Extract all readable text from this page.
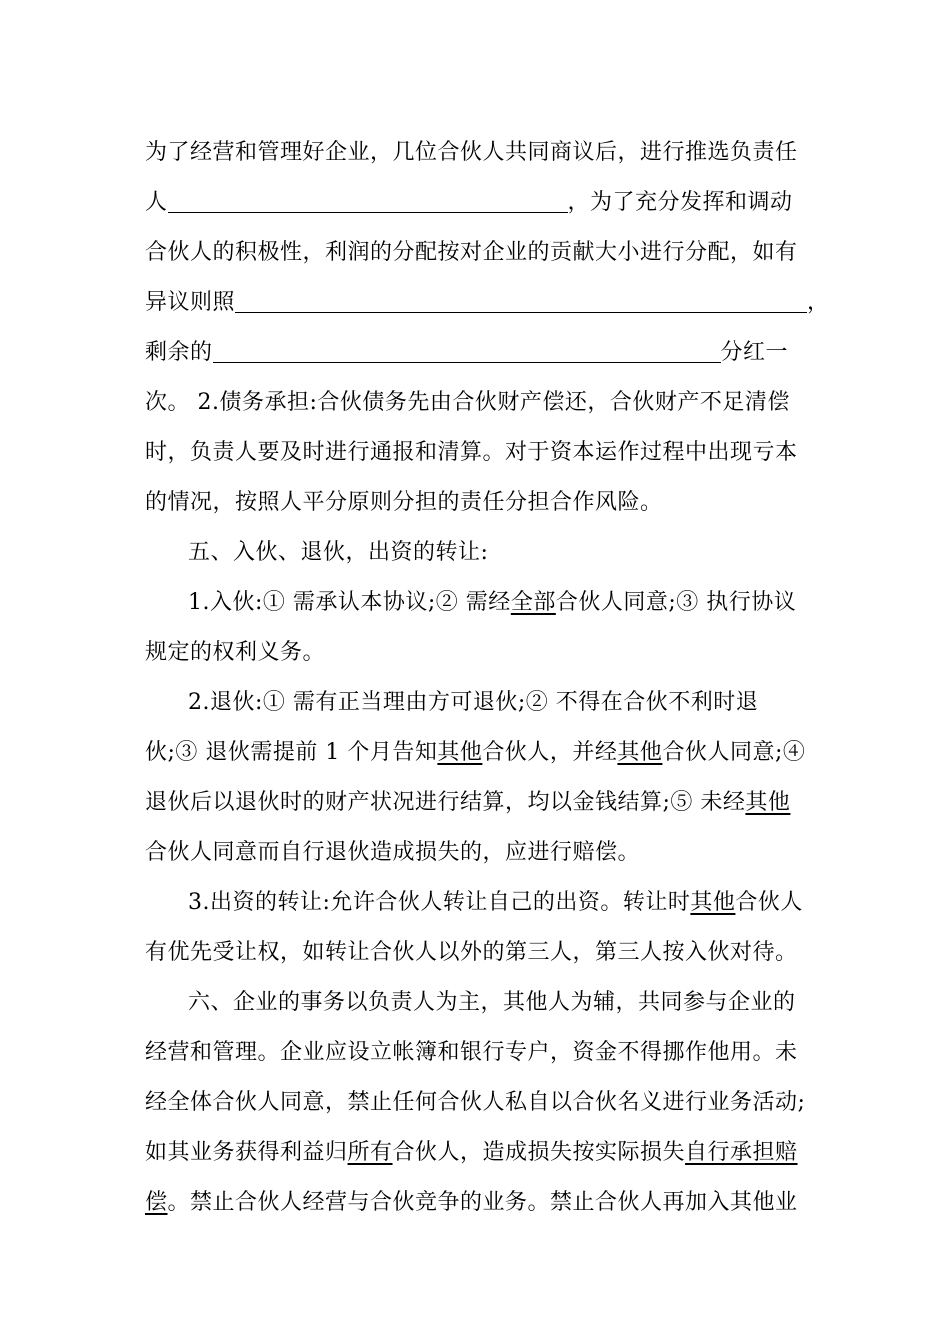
为了经营和管理好企业，几位合伙人共同商议后，进行推选负责任
人	，为了充分发挥和调动
合伙人的积极性，利润的分配按对企业的贡献大小进行分配，如有
异议则照	，
剩余的	分红一
次。 2.债务承担:合伙债务先由合伙财产偿还，合伙财产不足清偿
时，负责人要及时进行通报和清算。对于资本运作过程中出现亏本
的情况，按照人平分原则分担的责任分担合作风险。
五、入伙、退伙，出资的转让:
1.入伙:① 需承认本协议;② 需经全部合伙人同意;③ 执行协议
规定的权利义务。
2.退伙:① 需有正当理由方可退伙;② 不得在合伙不利时退
伙;③ 退伙需提前 1 个月告知其他合伙人，并经其他合伙人同意;④
退伙后以退伙时的财产状况进行结算，均以金钱结算;⑤ 未经其他
合伙人同意而自行退伙造成损失的，应进行赔偿。
3.出资的转让:允许合伙人转让自己的出资。转让时其他合伙人
有优先受让权，如转让合伙人以外的第三人，第三人按入伙对待。
六、企业的事务以负责人为主，其他人为辅，共同参与企业的
经营和管理。企业应设立帐簿和银行专户，资金不得挪作他用。未
经全体合伙人同意，禁止任何合伙人私自以合伙名义进行业务活动;
如其业务获得利益归所有合伙人，造成损失按实际损失自行承担赔
偿。禁止合伙人经营与合伙竞争的业务。禁止合伙人再加入其他业
